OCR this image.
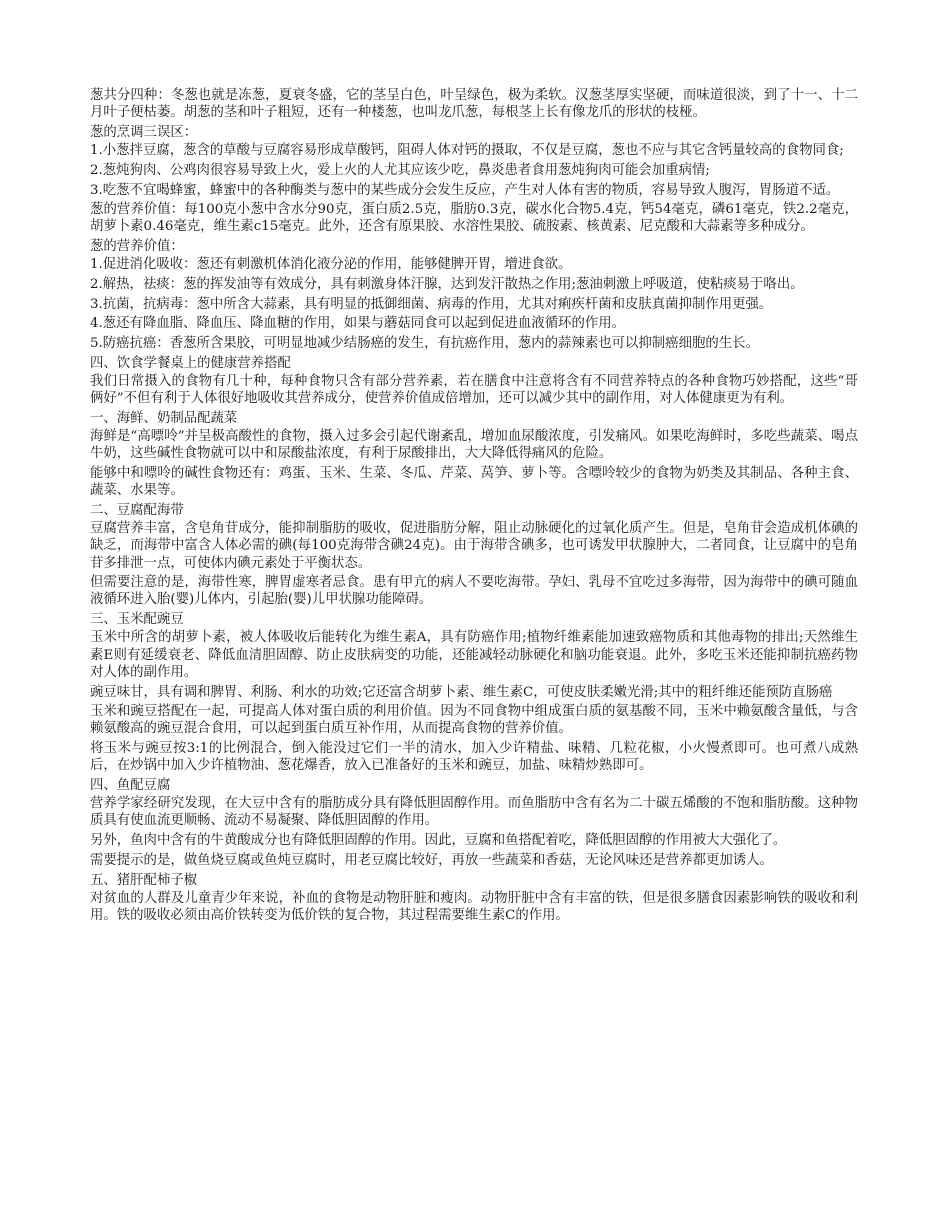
葱共分四种：冬葱也就是冻葱，夏衰冬盛，它的茎呈白色，叶呈绿色，极为柔软。汉葱茎厚实坚硬，而味道很淡，到了十一、十二月叶子便枯萎。胡葱的茎和叶子粗短，还有一种楼葱，也叫龙爪葱，每根茎上长有像龙爪的形状的枝桠。

葱的烹调三误区：

1.小葱拌豆腐，葱含的草酸与豆腐容易形成草酸钙，阻碍人体对钙的摄取，不仅是豆腐，葱也不应与其它含钙量较高的食物同食;

2.葱炖狗肉、公鸡肉很容易导致上火，爱上火的人尤其应该少吃，鼻炎患者食用葱炖狗肉可能会加重病情;

3.吃葱不宜喝蜂蜜，蜂蜜中的各种酶类与葱中的某些成分会发生反应，产生对人体有害的物质，容易导致人腹泻，胃肠道不适。

葱的营养价值：每100克小葱中含水分90克，蛋白质2.5克，脂肪0.3克，碳水化合物5.4克，钙54毫克，磷61毫克，铁2.2毫克，胡萝卜素0.46毫克，维生素c15毫克。此外，还含有原果胶、水溶性果胶、硫胺素、核黄素、尼克酸和大蒜素等多种成分。

葱的营养价值：

1.促进消化吸收：葱还有刺激机体消化液分泌的作用，能够健脾开胃，增进食欲。

2.解热，祛痰：葱的挥发油等有效成分，具有刺激身体汗腺，达到发汗散热之作用;葱油刺激上呼吸道，使粘痰易于咯出。

3.抗菌，抗病毒：葱中所含大蒜素，具有明显的抵御细菌、病毒的作用，尤其对痢疾杆菌和皮肤真菌抑制作用更强。

4.葱还有降血脂、降血压、降血糖的作用，如果与蘑菇同食可以起到促进血液循环的作用。

5.防癌抗癌：香葱所含果胶，可明显地减少结肠癌的发生，有抗癌作用，葱内的蒜辣素也可以抑制癌细胞的生长。

四、饮食学餐桌上的健康营养搭配

我们日常摄入的食物有几十种，每种食物只含有部分营养素，若在膳食中注意将含有不同营养特点的各种食物巧妙搭配，这些“哥俩好”不但有利于人体很好地吸收其营养成分，使营养价值成倍增加，还可以减少其中的副作用，对人体健康更为有利。

一、海鲜、奶制品配蔬菜

海鲜是“高嘌呤”并呈极高酸性的食物，摄入过多会引起代谢紊乱，增加血尿酸浓度，引发痛风。如果吃海鲜时，多吃些蔬菜、喝点牛奶，这些碱性食物就可以中和尿酸盐浓度，有利于尿酸排出，大大降低得痛风的危险。

能够中和嘌呤的碱性食物还有：鸡蛋、玉米、生菜、冬瓜、芹菜、莴笋、萝卜等。含嘌呤较少的食物为奶类及其制品、各种主食、蔬菜、水果等。

二、豆腐配海带

豆腐营养丰富，含皂角苷成分，能抑制脂肪的吸收，促进脂肪分解，阻止动脉硬化的过氧化质产生。但是，皂角苷会造成机体碘的缺乏，而海带中富含人体必需的碘(每100克海带含碘24克)。由于海带含碘多，也可诱发甲状腺肿大，二者同食，让豆腐中的皂角苷多排泄一点，可使体内碘元素处于平衡状态。

但需要注意的是，海带性寒，脾胃虚寒者忌食。患有甲亢的病人不要吃海带。孕妇、乳母不宜吃过多海带，因为海带中的碘可随血液循环进入胎(婴)儿体内，引起胎(婴)儿甲状腺功能障碍。

三、玉米配豌豆

玉米中所含的胡萝卜素，被人体吸收后能转化为维生素A，具有防癌作用;植物纤维素能加速致癌物质和其他毒物的排出;天然维生素E则有延缓衰老、降低血清胆固醇、防止皮肤病变的功能，还能减轻动脉硬化和脑功能衰退。此外，多吃玉米还能抑制抗癌药物对人体的副作用。

豌豆味甘，具有调和脾胃、利肠、利水的功效;它还富含胡萝卜素、维生素C，可使皮肤柔嫩光滑;其中的粗纤维还能预防直肠癌

玉米和豌豆搭配在一起，可提高人体对蛋白质的利用价值。因为不同食物中组成蛋白质的氨基酸不同，玉米中赖氨酸含量低，与含赖氨酸高的豌豆混合食用，可以起到蛋白质互补作用，从而提高食物的营养价值。

将玉米与豌豆按3:1的比例混合，倒入能没过它们一半的清水，加入少许精盐、味精、几粒花椒，小火慢煮即可。也可煮八成熟后，在炒锅中加入少许植物油、葱花爆香，放入已准备好的玉米和豌豆，加盐、味精炒熟即可。

四、鱼配豆腐

营养学家经研究发现，在大豆中含有的脂肪成分具有降低胆固醇作用。而鱼脂肪中含有名为二十碳五烯酸的不饱和脂肪酸。这种物质具有使血流更顺畅、流动不易凝聚、降低胆固醇的作用。

另外，鱼肉中含有的牛黄酸成分也有降低胆固醇的作用。因此，豆腐和鱼搭配着吃，降低胆固醇的作用被大大强化了。

需要提示的是，做鱼烧豆腐或鱼炖豆腐时，用老豆腐比较好，再放一些蔬菜和香菇，无论风味还是营养都更加诱人。

五、猪肝配柿子椒

对贫血的人群及儿童青少年来说，补血的食物是动物肝脏和瘦肉。动物肝脏中含有丰富的铁，但是很多膳食因素影响铁的吸收和利用。铁的吸收必须由高价铁转变为低价铁的复合物，其过程需要维生素C的作用。
